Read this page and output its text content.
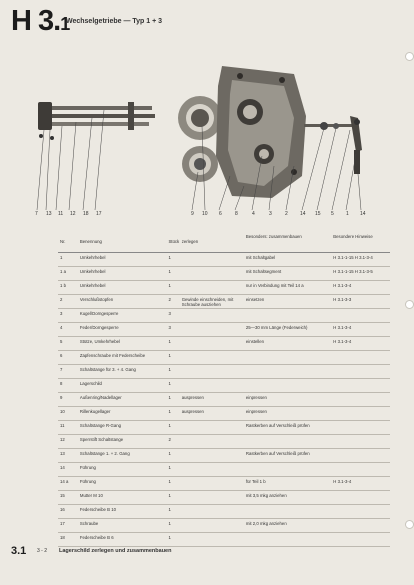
H 3.1
Wechselgetriebe — Typ 1 + 3
7 13 11 12 18 17	9 10 6	8	4	3	2 14 15 5 1 14
Nr.	Benennung	Stück	zerlegen	Besonders: zusammenbauen	Besondere Hinweise
1	Umkehrhebel	1		mit Schaltgabel	H 3.1-1-15 H 3.1-3-4
1 a	Umkehrhebel	1		mit Schaltsegment	H 3.1-1-15 H 3.1-3-5
1 b	Umkehrhebel	1		nur in Verbindung mit Teil 14 a	H 3.1-3-4
2	Verschlußstopfen	2	Gewinde einschneiden, mit Schraube ausziehen	einsetzen	H 3.1-3-3
3	Kugel/Dorngesperre	3			
4	Feder/Dorngesperre	3		25—30 mm Länge (Federweich)	H 3.1-3-4
5	Stütze, Umkehrhebel	1		einstellen	H 3.1-3-4
6	Zapfenschraube mit Federscheibe	1			
7	Schaltstange für 3. + 4. Gang	1			
8	Lagerschild	1			
9	Außenring/Nadellager	1	auspressen	einpressen	
10	Rillenkugellager	1	auspressen	einpressen	
11	Schaltstange R-Gang	1		Rastkerben auf Verschleiß prüfen	
12	Sperrstift Schaltstange	2			
13	Schaltstange 1. + 2. Gang	1		Rastkerben auf Verschleiß prüfen	
14	Führung	1			
14 a	Führung	1		für Teil 1 b	H 3.1-3-4
15	Mutter M 10	1		mit 3,5 mkg anziehen	
16	Federscheibe B 10	1			
17	Schraube	1		mit 2,0 mkg anziehen	
18	Federscheibe B 6	1			
3.1 3 - 2 Lagerschild zerlegen und zusammenbauen
